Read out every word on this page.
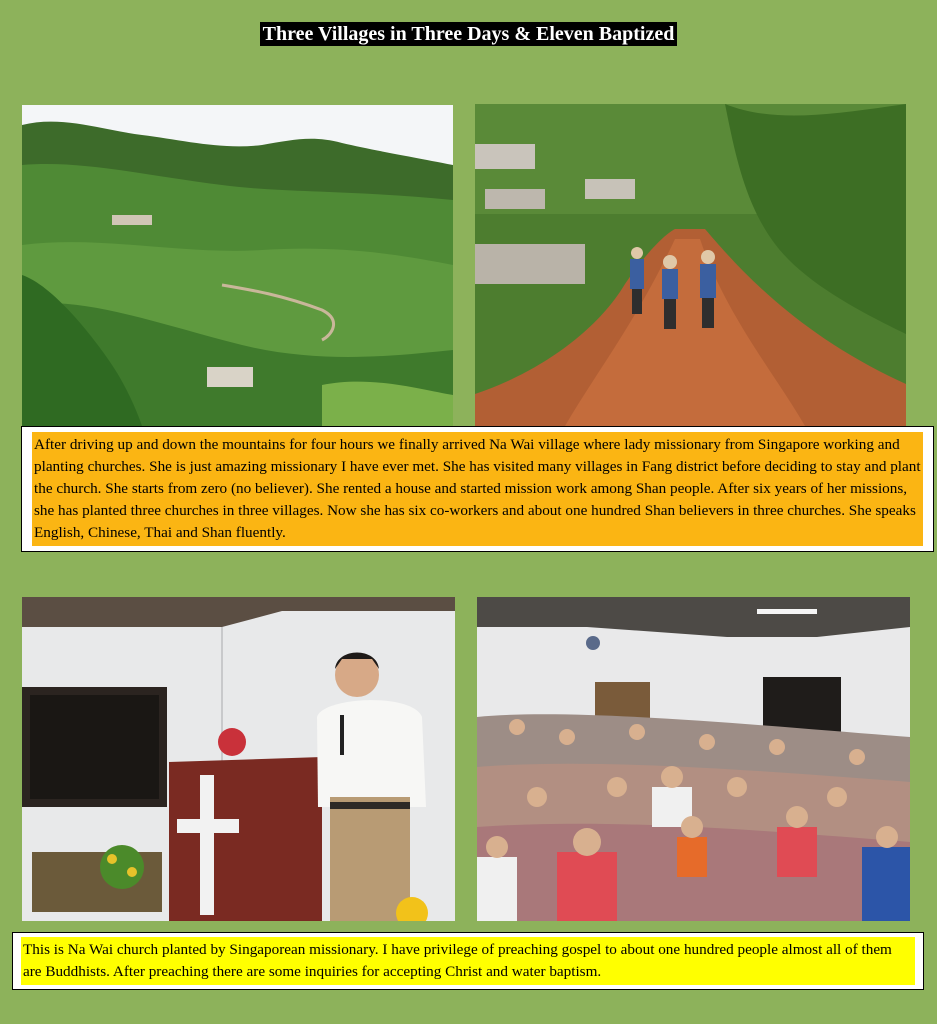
Three Villages in Three Days & Eleven Baptized

After driving up and down the mountains for four hours we finally arrived Na Wai village where lady missionary from Singapore working and planting churches. She is just amazing missionary I have ever met. She has visited many villages in Fang district before deciding to stay and plant the church. She starts from zero (no believer). She rented a house and started mission work among Shan people. After six years of her missions, she has planted three churches in three villages. Now she has six co-workers and about one hundred Shan believers in three churches. She speaks English, Chinese, Thai and Shan fluently.

This is Na Wai church planted by Singaporean missionary. I have privilege of preaching gospel to about one hundred people almost all of them are Buddhists. After preaching there are some inquiries for accepting Christ and water baptism.
